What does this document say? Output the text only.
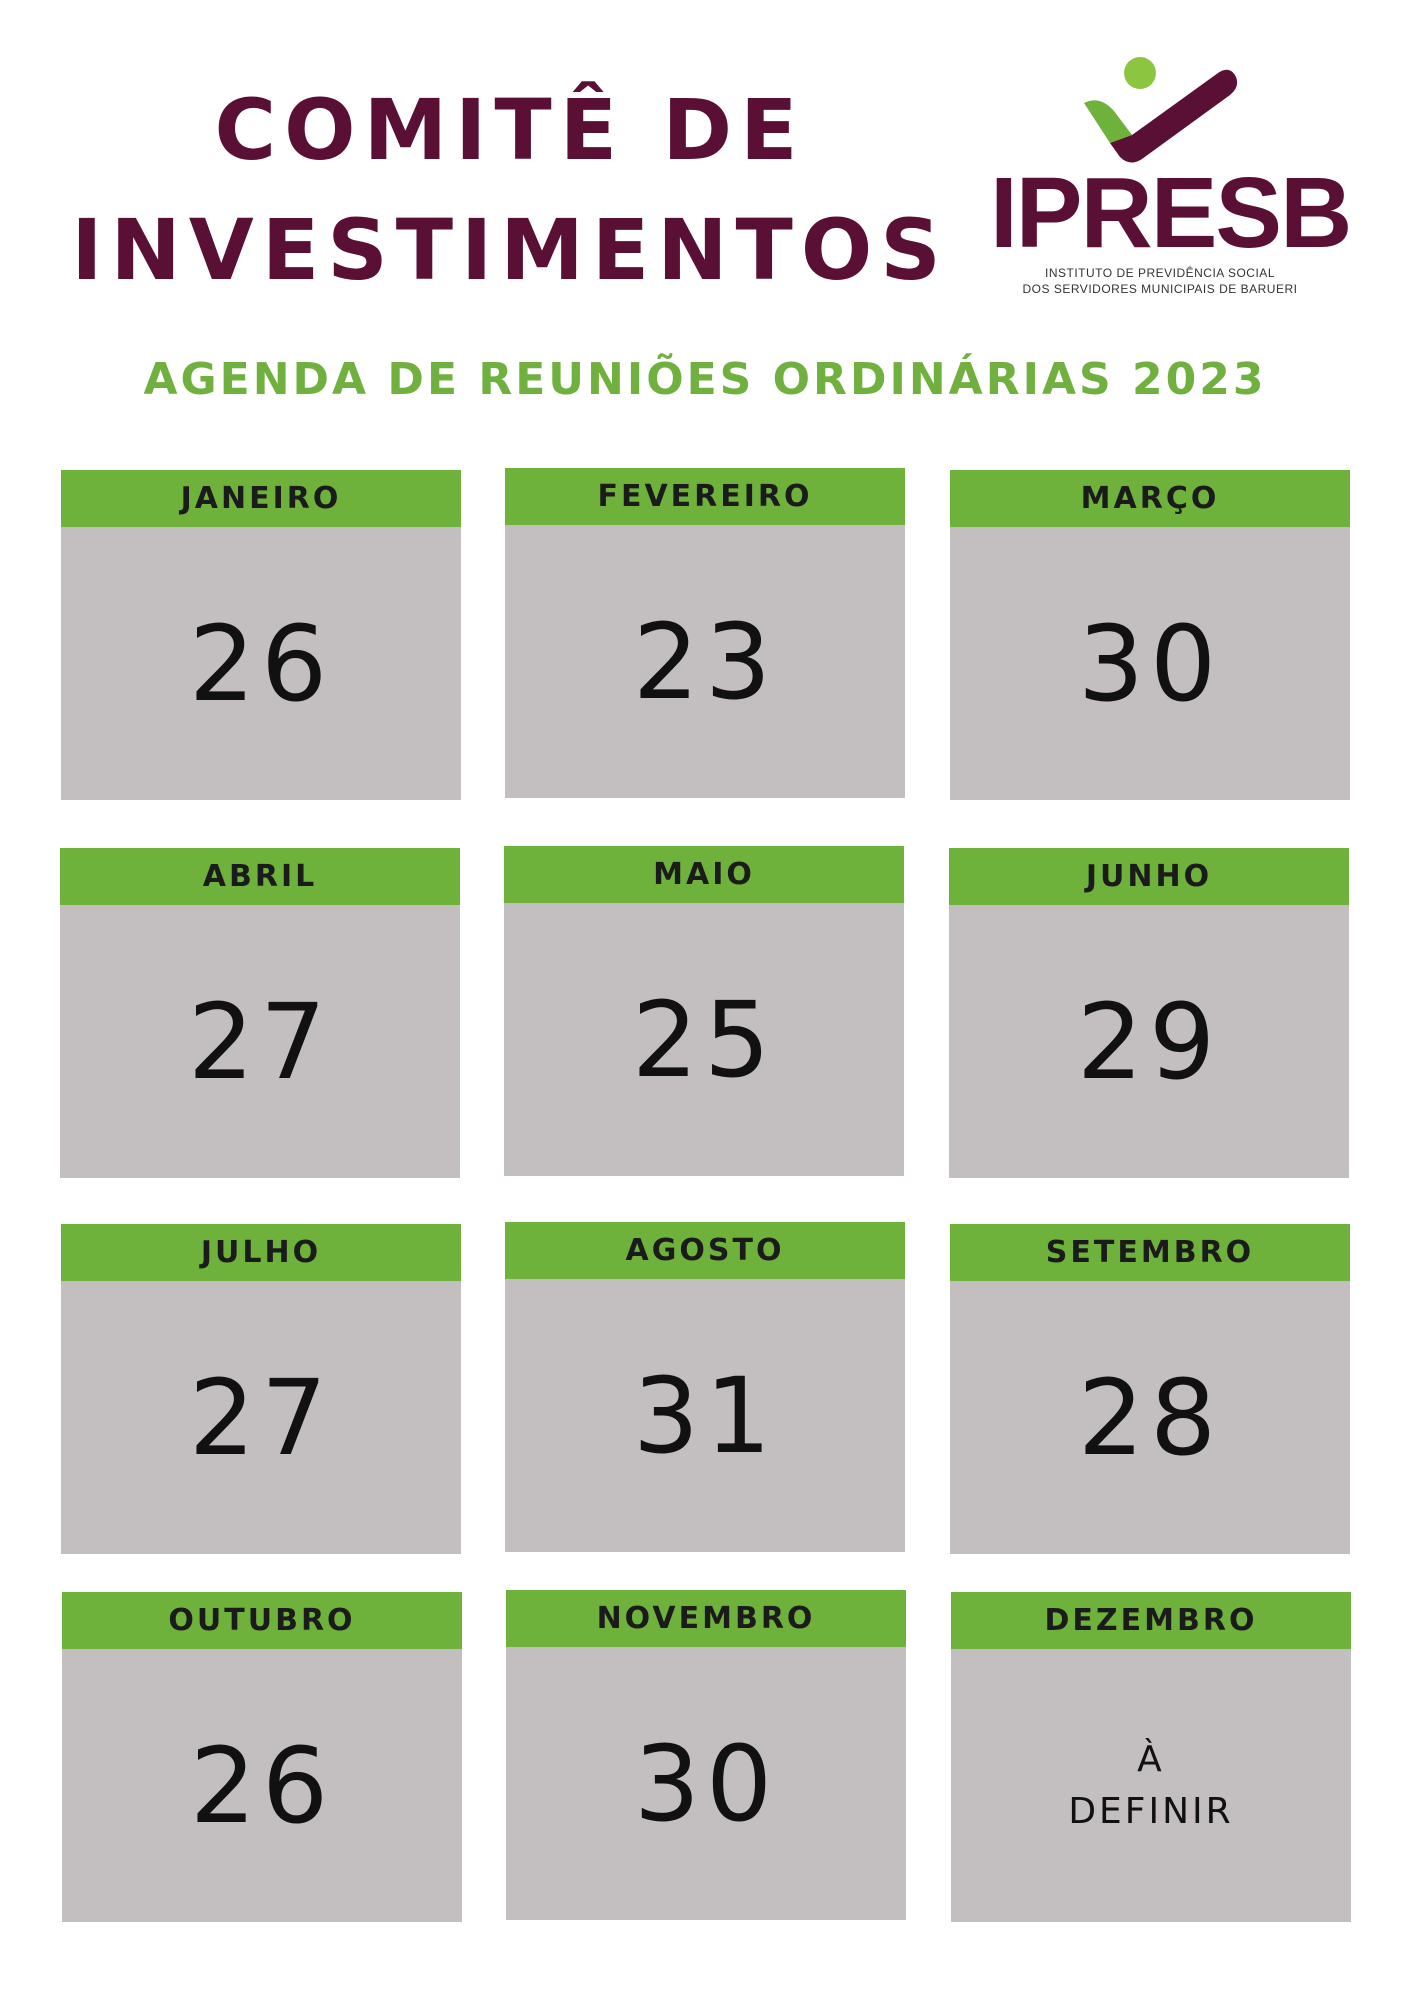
COMITÊ DE
INVESTIMENTOS IPRESB
INSTITUTO DE PREVIDÊNCIA SOCIAL
DOS SERVIDORES MUNICIPAIS DE BARUERI
AGENDA DE REUNIÕES ORDINÁRIAS 2023
JANEIRO
26
FEVEREIRO
23
MARÇO
30
ABRIL
27
MAIO
25
JUNHO
29
JULHO
27
AGOSTO
31
SETEMBRO
28
OUTUBRO
26
NOVEMBRO
30
DEZEMBRO
À
DEFINIR
